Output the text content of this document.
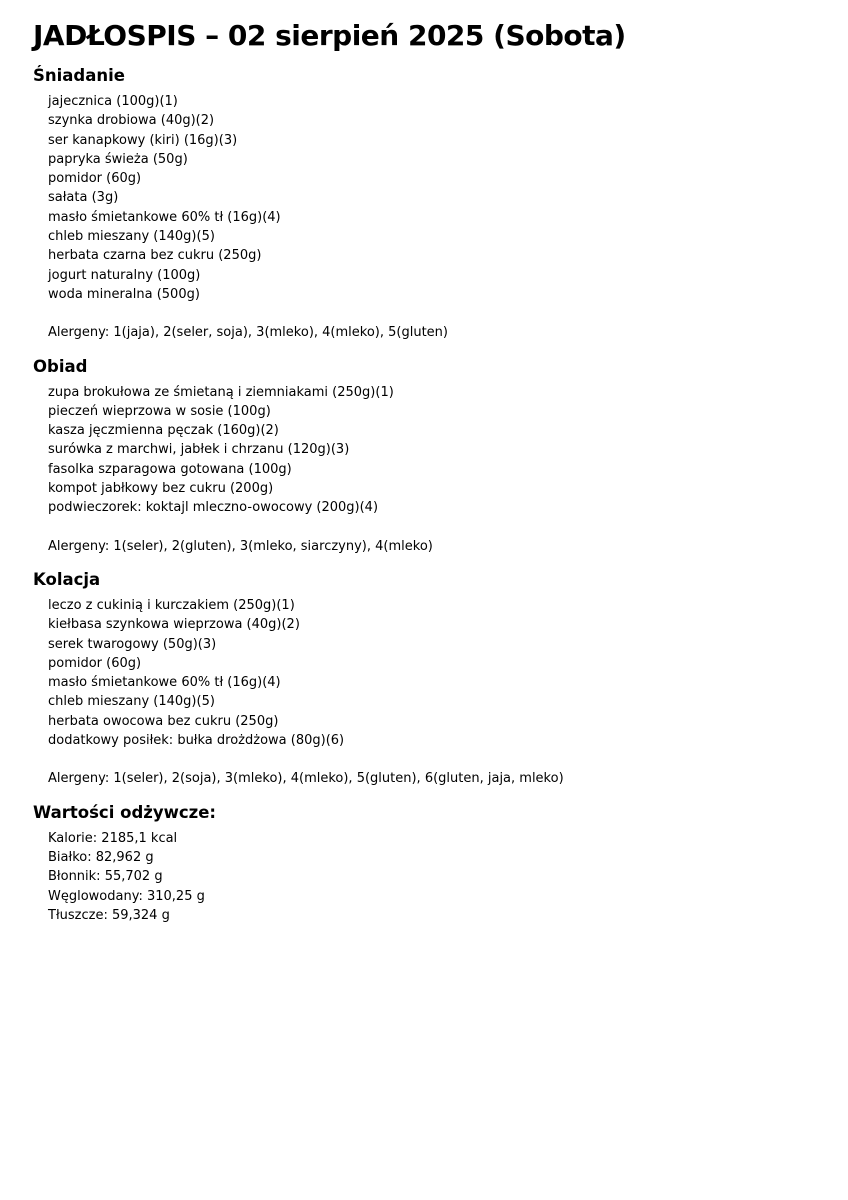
JADŁOSPIS – 02 sierpień 2025 (Sobota)
Śniadanie
jajecznica (100g)(1)
szynka drobiowa (40g)(2)
ser kanapkowy (kiri) (16g)(3)
papryka świeża (50g)
pomidor (60g)
sałata (3g)
masło śmietankowe 60% tł (16g)(4)
chleb mieszany (140g)(5)
herbata czarna bez cukru (250g)
jogurt naturalny (100g)
woda mineralna (500g)
Alergeny: 1(jaja), 2(seler, soja), 3(mleko), 4(mleko), 5(gluten)
Obiad
zupa brokułowa ze śmietaną i ziemniakami (250g)(1)
pieczeń wieprzowa w sosie (100g)
kasza jęczmienna pęczak (160g)(2)
surówka z marchwi, jabłek i chrzanu (120g)(3)
fasolka szparagowa gotowana (100g)
kompot jabłkowy bez cukru (200g)
podwieczorek: koktajl mleczno-owocowy (200g)(4)
Alergeny: 1(seler), 2(gluten), 3(mleko, siarczyny), 4(mleko)
Kolacja
leczo z cukinią i kurczakiem (250g)(1)
kiełbasa szynkowa wieprzowa (40g)(2)
serek twarogowy (50g)(3)
pomidor (60g)
masło śmietankowe 60% tł (16g)(4)
chleb mieszany (140g)(5)
herbata owocowa bez cukru (250g)
dodatkowy posiłek: bułka drożdżowa (80g)(6)
Alergeny: 1(seler), 2(soja), 3(mleko), 4(mleko), 5(gluten), 6(gluten, jaja, mleko)
Wartości odżywcze:
Kalorie: 2185,1 kcal
Białko: 82,962 g
Błonnik: 55,702 g
Węglowodany: 310,25 g
Tłuszcze: 59,324 g
